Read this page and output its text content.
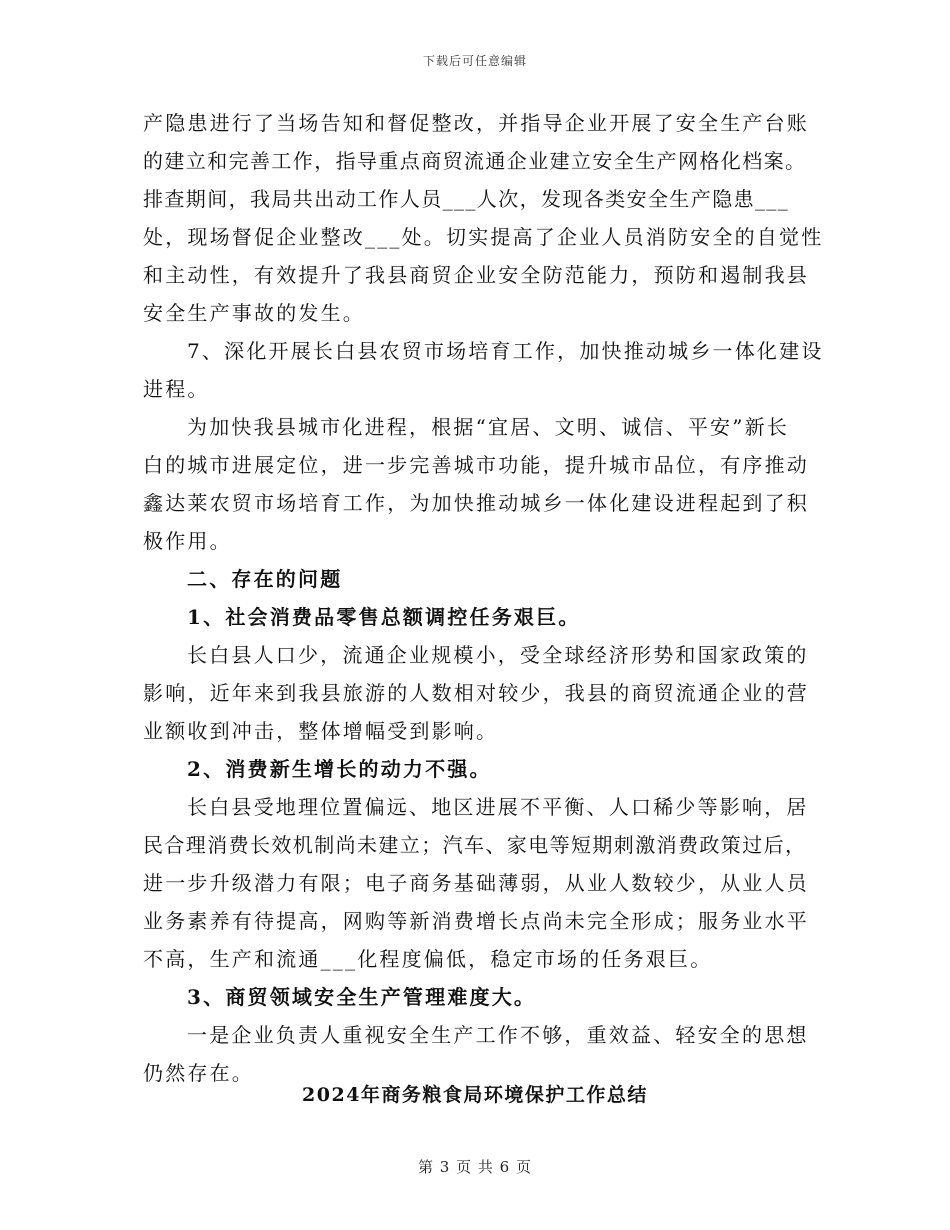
下载后可任意编辑
产隐患进行了当场告知和督促整改，并指导企业开展了安全生产台账
的建立和完善工作，指导重点商贸流通企业建立安全生产网格化档案。
排查期间，我局共出动工作人员___人次，发现各类安全生产隐患___
处，现场督促企业整改___处。切实提高了企业人员消防安全的自觉性
和主动性，有效提升了我县商贸企业安全防范能力，预防和遏制我县
安全生产事故的发生。
7、深化开展长白县农贸市场培育工作，加快推动城乡一体化建设
进程。
为加快我县城市化进程，根据“宜居、文明、诚信、平安”新长
白的城市进展定位，进一步完善城市功能，提升城市品位，有序推动
鑫达莱农贸市场培育工作，为加快推动城乡一体化建设进程起到了积
极作用。
二、存在的问题
1、社会消费品零售总额调控任务艰巨。
长白县人口少，流通企业规模小，受全球经济形势和国家政策的
影响，近年来到我县旅游的人数相对较少，我县的商贸流通企业的营
业额收到冲击，整体增幅受到影响。
2、消费新生增长的动力不强。
长白县受地理位置偏远、地区进展不平衡、人口稀少等影响，居
民合理消费长效机制尚未建立；汽车、家电等短期刺激消费政策过后，
进一步升级潜力有限；电子商务基础薄弱，从业人数较少，从业人员
业务素养有待提高，网购等新消费增长点尚未完全形成；服务业水平
不高，生产和流通___化程度偏低，稳定市场的任务艰巨。
3、商贸领域安全生产管理难度大。
一是企业负责人重视安全生产工作不够，重效益、轻安全的思想
仍然存在。
2024年商务粮食局环境保护工作总结
第 3 页 共 6 页
